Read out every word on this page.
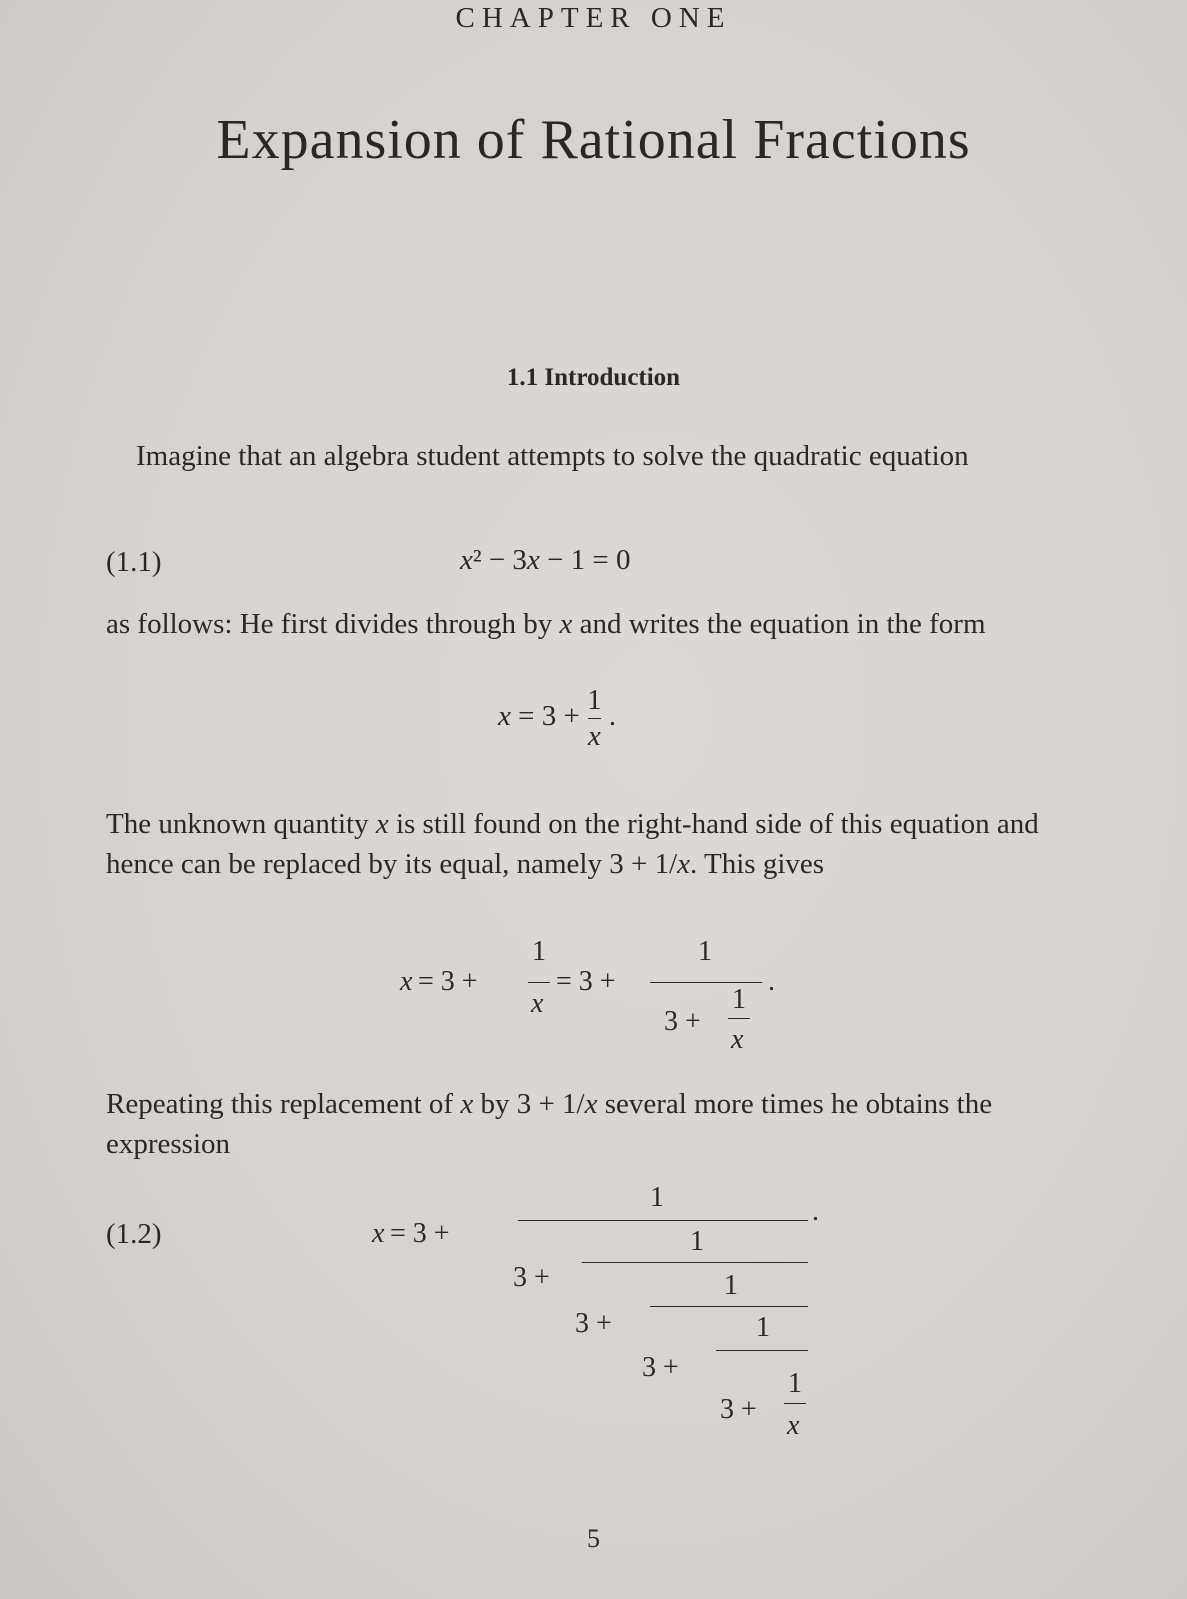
CHAPTER ONE
Expansion of Rational Fractions
1.1 Introduction
Imagine that an algebra student attempts to solve the quadratic equation
(1.1)	x² − 3x − 1 = 0
as follows: He first divides through by x and writes the equation in the form
$x = 3 + \frac{1}{x}$ .
The unknown quantity x is still found on the right-hand side of this equation and hence can be replaced by its equal, namely 3 + 1/x. This gives
x = 3 +
1
x
= 3 +
1
3 +
1
x
.
Repeating this replacement of x by 3 + 1/x several more times he obtains the expression
(1.2)	x = 3 +
1
3 +
1
3 +
1
3 +
1
3 +
1
x
.
5
